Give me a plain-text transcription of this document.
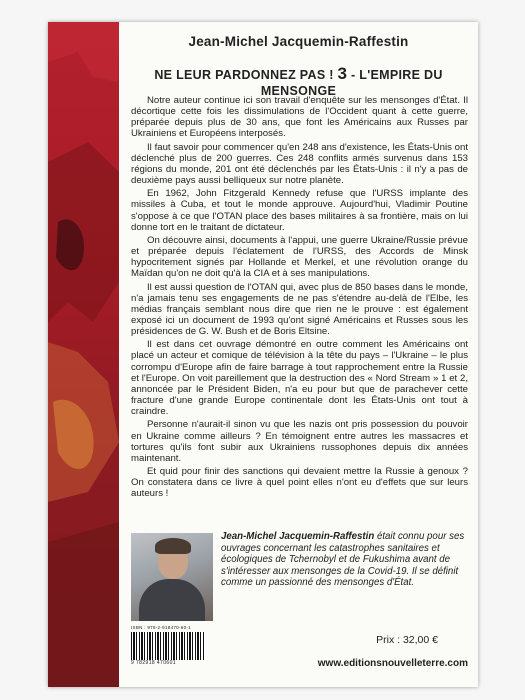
Jean-Michel Jacquemin-Raffestin
NE LEUR PARDONNEZ PAS ! 3 - L'EMPIRE DU MENSONGE

Notre auteur continue ici son travail d'enquête sur les mensonges d'État. Il décortique cette fois les dissimulations de l'Occident quant à cette guerre, préparée depuis plus de 30 ans, que font les Américains aux Russes par Ukrainiens et Européens interposés.

Il faut savoir pour commencer qu'en 248 ans d'existence, les États-Unis ont déclenché plus de 200 guerres. Ces 248 conflits armés survenus dans 153 régions du monde, 201 ont été déclenchés par les États-Unis : il n'y a pas de deuxième pays aussi belliqueux sur notre planète.

En 1962, John Fitzgerald Kennedy refuse que l'URSS implante des missiles à Cuba, et tout le monde approuve. Aujourd'hui, Vladimir Poutine s'oppose à ce que l'OTAN place des bases militaires à sa frontière, mais on lui donne tort en le traitant de dictateur.

On découvre ainsi, documents à l'appui, une guerre Ukraine/Russie prévue et préparée depuis l'éclatement de l'URSS, des Accords de Minsk hypocritement signés par Hollande et Merkel, et une révolution orange du Maïdan qu'on ne doit qu'à la CIA et à ses manipulations.

Il est aussi question de l'OTAN qui, avec plus de 850 bases dans le monde, n'a jamais tenu ses engagements de ne pas s'étendre au-delà de l'Elbe, les médias français semblant nous dire que rien ne le prouve : est également exposé ici un document de 1993 qu'ont signé Américains et Russes sous les présidences de G. W. Bush et de Boris Eltsine.

Il est dans cet ouvrage démontré en outre comment les Américains ont placé un acteur et comique de télévision à la tête du pays – l'Ukraine – le plus corrompu d'Europe afin de faire barrage à tout rapprochement entre la Russie et l'Europe. On voit pareillement que la destruction des « Nord Stream » 1 et 2, annoncée par le Président Biden, n'a eu pour but que de parachever cette fracture d'une grande Europe continentale dont les États-Unis ont tout à craindre.

Personne n'aurait-il sinon vu que les nazis ont pris possession du pouvoir en Ukraine comme ailleurs ? En témoignent entre autres les massacres et tortures qu'ils font subir aux Ukrainiens russophones depuis dix années maintenant.

Et quid pour finir des sanctions qui devaient mettre la Russie à genoux ? On constatera dans ce livre à quel point elles n'ont eu d'effets que sur leurs auteurs !

Jean-Michel Jacquemin-Raffestin était connu pour ses ouvrages concernant les catastrophes sanitaires et écologiques de Tchernobyl et de Fukushima avant de s'intéresser aux mensonges de la Covid-19. Il se définit comme un passionné des mensonges d'État.
ISBN : 978-2-918470-60-1
9 782918 470601
Prix : 32,00 €
www.editionsnouvelleterre.com
